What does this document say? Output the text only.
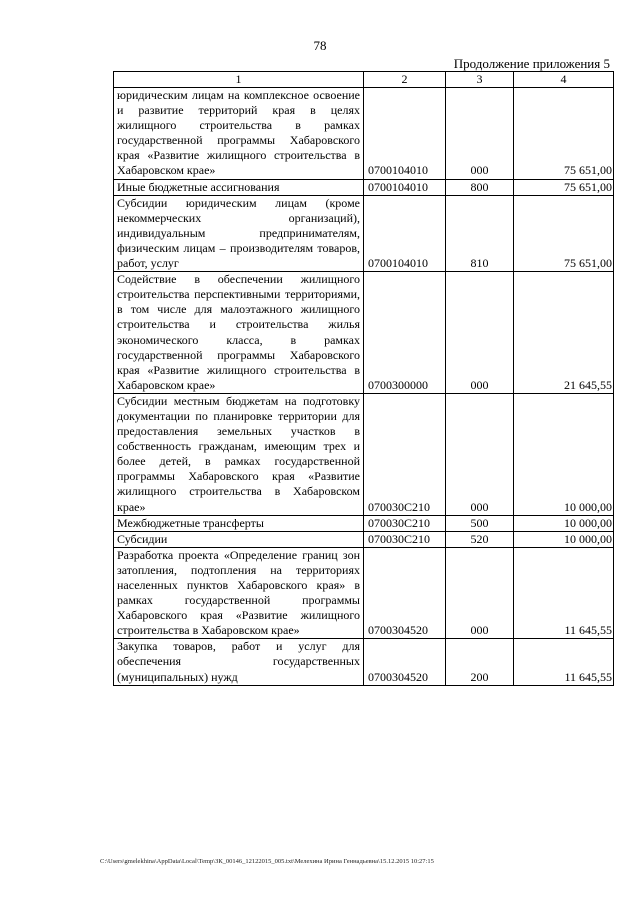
78
Продолжение приложения 5
1	2	3	4
юридическим лицам на комплексное освоение и развитие территорий края в целях жилищного строительства в рамках государственной программы Хабаровского края «Развитие жилищного строительства в Хабаровском крае»	0700104010	000	75 651,00
Иные бюджетные ассигнования	0700104010	800	75 651,00
Субсидии юридическим лицам (кроме некоммерческих организаций), индивидуальным предпринимателям, физическим лицам – производителям товаров, работ, услуг	0700104010	810	75 651,00
Содействие в обеспечении жилищного строительства перспективными территориями, в том числе для малоэтажного жилищного строительства и строительства жилья экономического класса, в рамках государственной программы Хабаровского края «Развитие жилищного строительства в Хабаровском крае»	0700300000	000	21 645,55
Субсидии местным бюджетам на подготовку документации по планировке территории для предоставления земельных участков в собственность гражданам, имеющим трех и более детей, в рамках государственной программы Хабаровского края «Развитие жилищного строительства в Хабаровском крае»	070030С210	000	10 000,00
Межбюджетные трансферты	070030С210	500	10 000,00
Субсидии	070030С210	520	10 000,00
Разработка проекта «Определение границ зон затопления, подтопления на территориях населенных пунктов Хабаровского края» в рамках государственной программы Хабаровского края «Развитие жилищного строительства в Хабаровском крае»	0700304520	000	11 645,55
Закупка товаров, работ и услуг для обеспечения государственных (муниципальных) нужд	0700304520	200	11 645,55
C:\Users\gmelekhina\AppData\Local\Temp\ЗК_00146_12122015_005.txt\Мелехина Ирина Геннадьевна\15.12.2015 10:27:15
